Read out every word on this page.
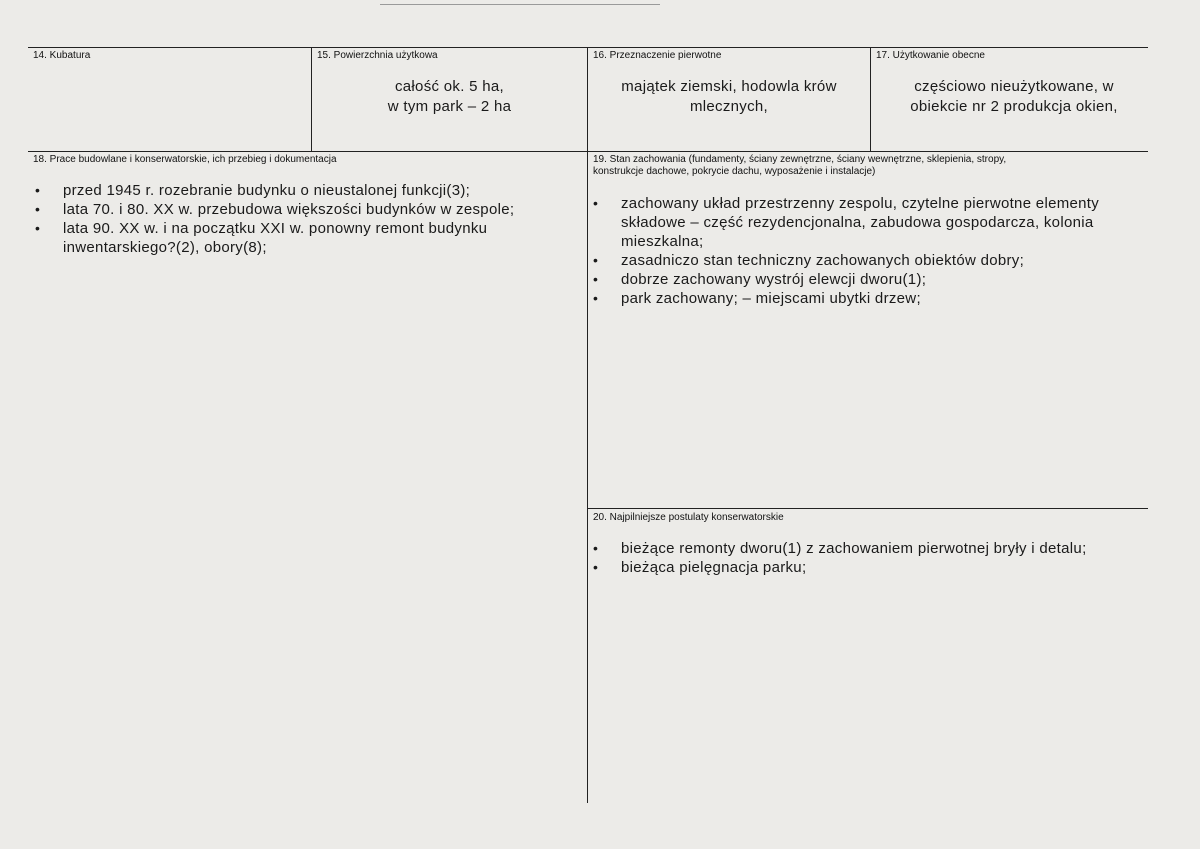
14. Kubatura	15. Powierzchnia użytkowa
całość ok. 5 ha,
w tym park – 2 ha
16. Przeznaczenie pierwotne
majątek ziemski, hodowla krów
mlecznych,
17. Użytkowanie obecne
częściowo nieużytkowane, w
obiekcie nr 2 produkcja okien,
18. Prace budowlane i konserwatorskie, ich przebieg i dokumentacja
• przed 1945 r. rozebranie budynku o nieustalonej funkcji(3);
• lata 70. i 80. XX w. przebudowa większości budynków w zespole;
• lata 90. XX w. i na początku XXI w. ponowny remont budynku inwentarskiego?(2), obory(8);
19. Stan zachowania (fundamenty, ściany zewnętrzne, ściany wewnętrzne, sklepienia, stropy,
konstrukcje dachowe, pokrycie dachu, wyposażenie i instalacje)
• zachowany układ przestrzenny zespolu, czytelne pierwotne elementy składowe – część rezydencjonalna, zabudowa gospodarcza, kolonia mieszkalna;
• zasadniczo stan techniczny zachowanych obiektów dobry;
• dobrze zachowany wystrój elewcji dworu(1);
• park zachowany; – miejscami ubytki drzew;
20. Najpilniejsze postulaty konserwatorskie
• bieżące remonty dworu(1) z zachowaniem pierwotnej bryły i detalu;
• bieżąca pielęgnacja parku;
